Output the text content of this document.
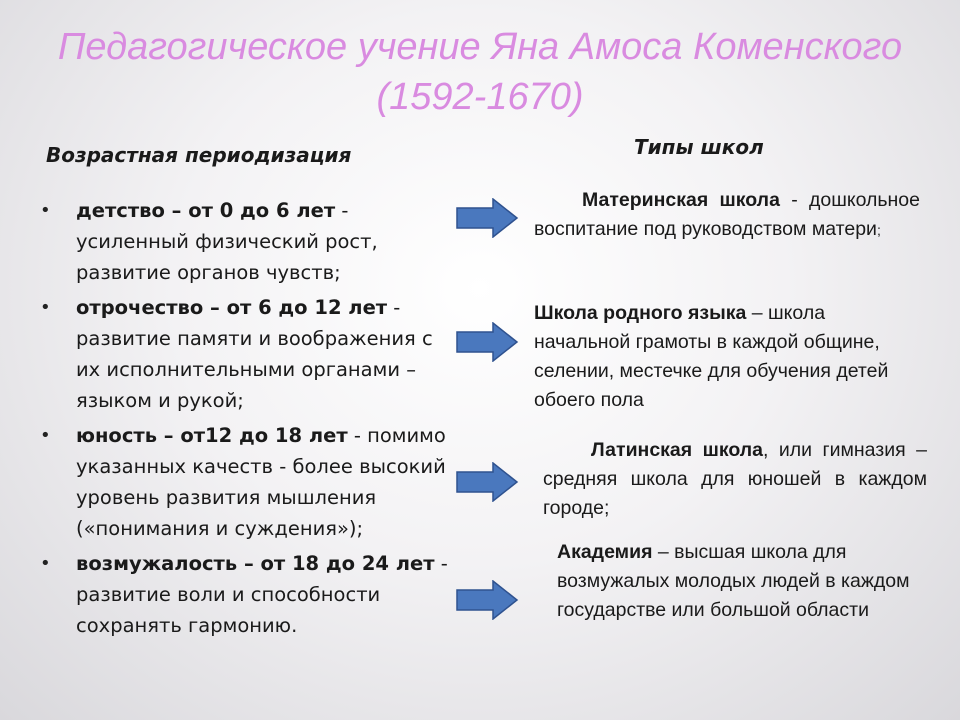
Педагогическое учение Яна Амоса Коменского
(1592-1670)
Возрастная периодизация	Типы школ
• детство – от 0 до 6 лет - усиленный физический рост, развитие органов чувств;
• отрочество – от 6 до 12 лет - развитие памяти и воображения с их исполнительными органами – языком и рукой;
• юность – от12 до 18 лет - помимо указанных качеств - более высокий уровень развития мышления («понимания и суждения»);
• возмужалость – от 18 до 24 лет - развитие воли и способности сохранять гармонию.
Материнская школа - дошкольное воспитание под руководством матери;
Школа родного языка – школа начальной грамоты в каждой общине, селении, местечке для обучения детей обоего пола
Латинская школа, или гимназия – средняя школа для юношей в каждом городе;
Академия – высшая школа для возмужалых молодых людей в каждом государстве или большой области
